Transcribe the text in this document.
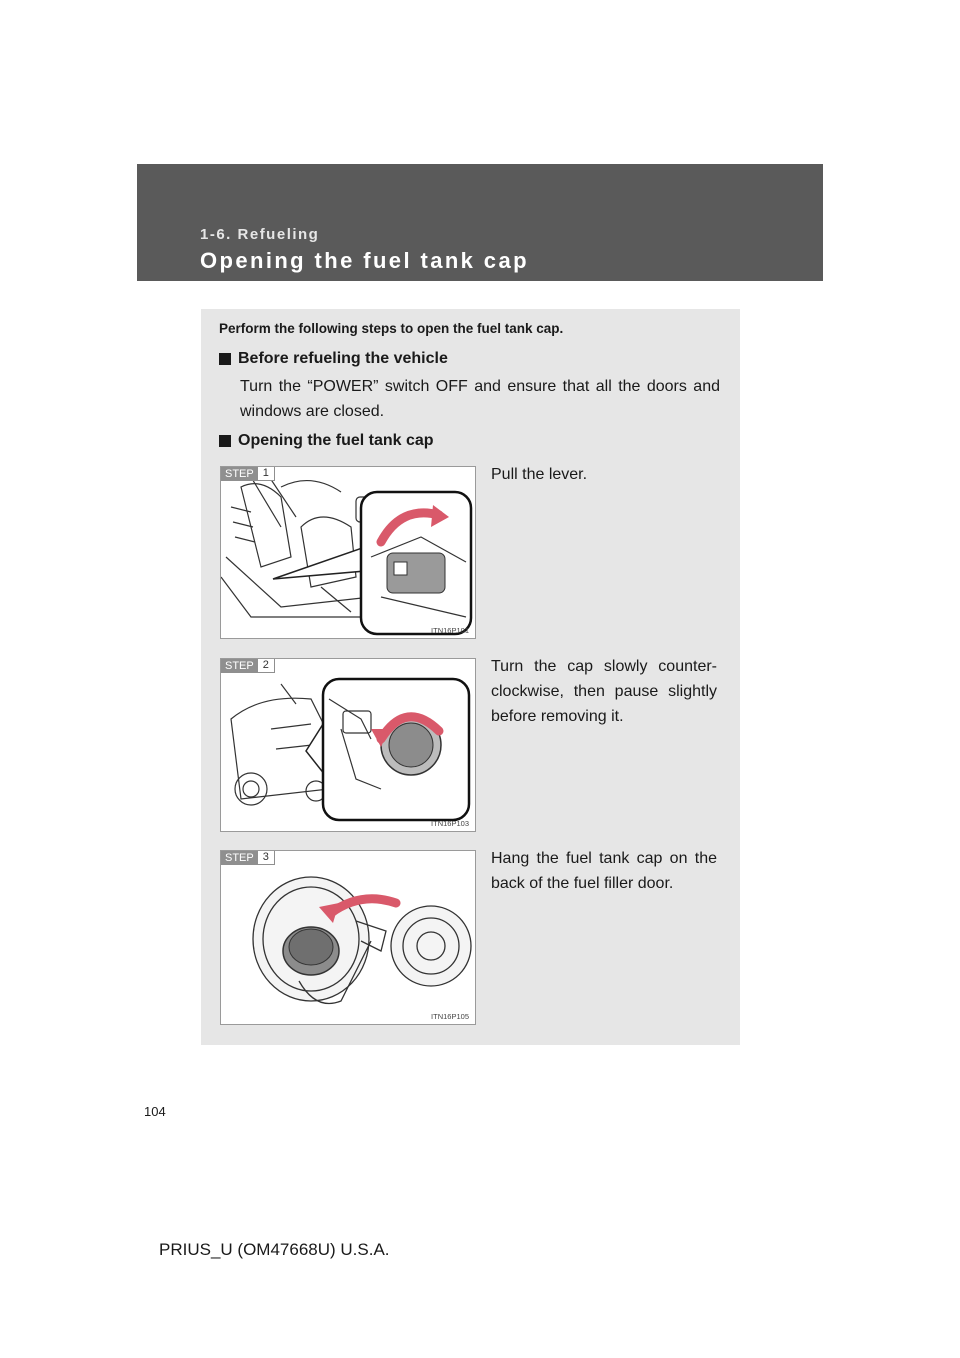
1-6. Refueling
Opening the fuel tank cap
Perform the following steps to open the fuel tank cap.
Before refueling the vehicle
Turn the “POWER” switch OFF and ensure that all the doors and windows are closed.
Opening the fuel tank cap
STEP 1
ITN16P101
Pull the lever.
STEP 2
ITN16P103
Turn the cap slowly counter-clockwise, then pause slightly before removing it.
STEP 3
ITN16P105
Hang the fuel tank cap on the back of the fuel filler door.
104
PRIUS_U (OM47668U) U.S.A.
